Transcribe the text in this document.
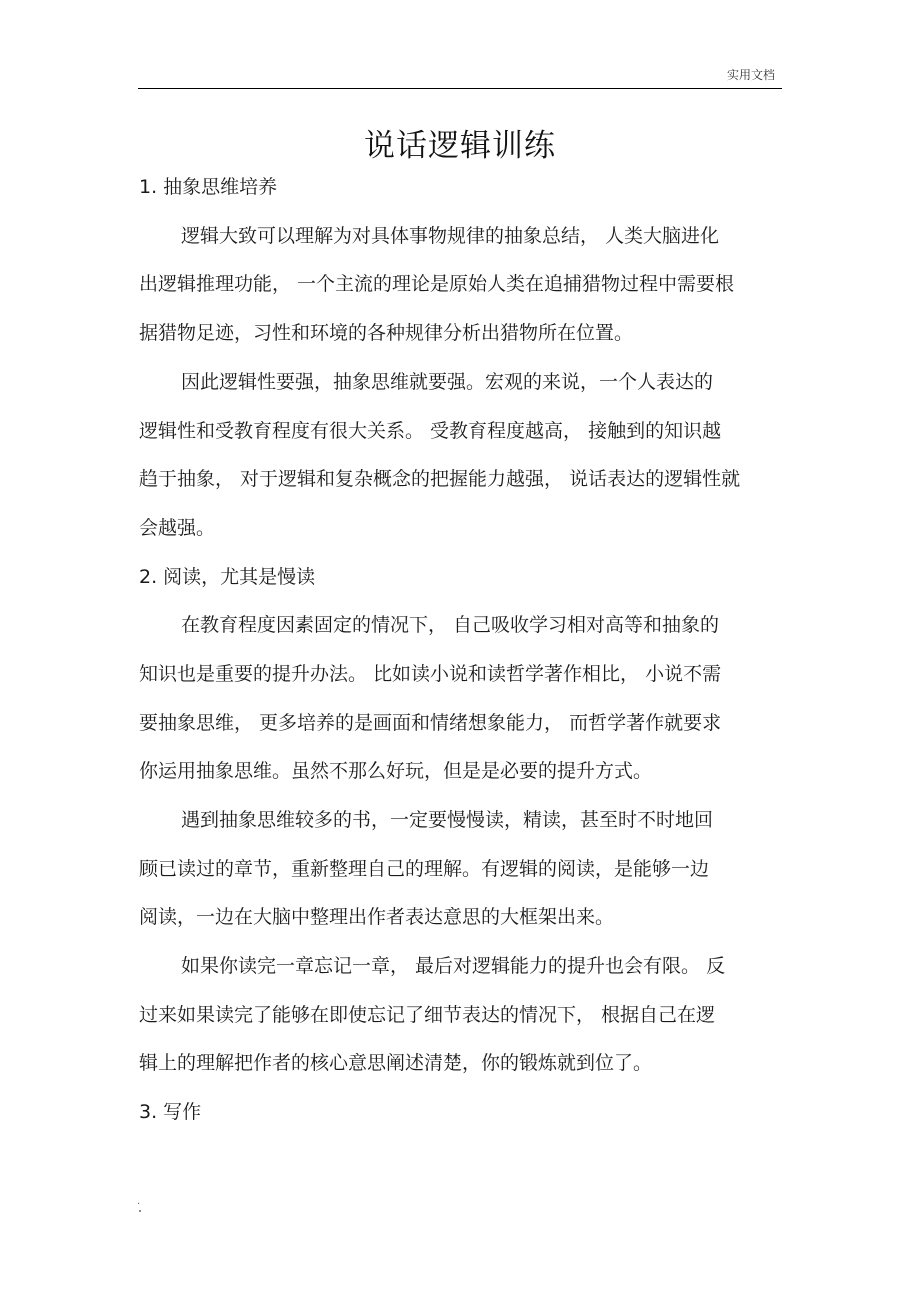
实用文档
说话逻辑训练
1. 抽象思维培养
逻辑大致可以理解为对具体事物规律的抽象总结， 人类大脑进化
出逻辑推理功能， 一个主流的理论是原始人类在追捕猎物过程中需要根
据猎物足迹，习性和环境的各种规律分析出猎物所在位置。
因此逻辑性要强，抽象思维就要强。宏观的来说，一个人表达的
逻辑性和受教育程度有很大关系。 受教育程度越高， 接触到的知识越
趋于抽象， 对于逻辑和复杂概念的把握能力越强， 说话表达的逻辑性就
会越强。
2. 阅读，尤其是慢读
在教育程度因素固定的情况下， 自己吸收学习相对高等和抽象的
知识也是重要的提升办法。 比如读小说和读哲学著作相比， 小说不需
要抽象思维， 更多培养的是画面和情绪想象能力， 而哲学著作就要求
你运用抽象思维。虽然不那么好玩，但是是必要的提升方式。
遇到抽象思维较多的书，一定要慢慢读，精读，甚至时不时地回
顾已读过的章节，重新整理自己的理解。有逻辑的阅读，是能够一边
阅读，一边在大脑中整理出作者表达意思的大框架出来。
如果你读完一章忘记一章， 最后对逻辑能力的提升也会有限。 反
过来如果读完了能够在即使忘记了细节表达的情况下， 根据自己在逻
辑上的理解把作者的核心意思阐述清楚，你的锻炼就到位了。
3. 写作
.
